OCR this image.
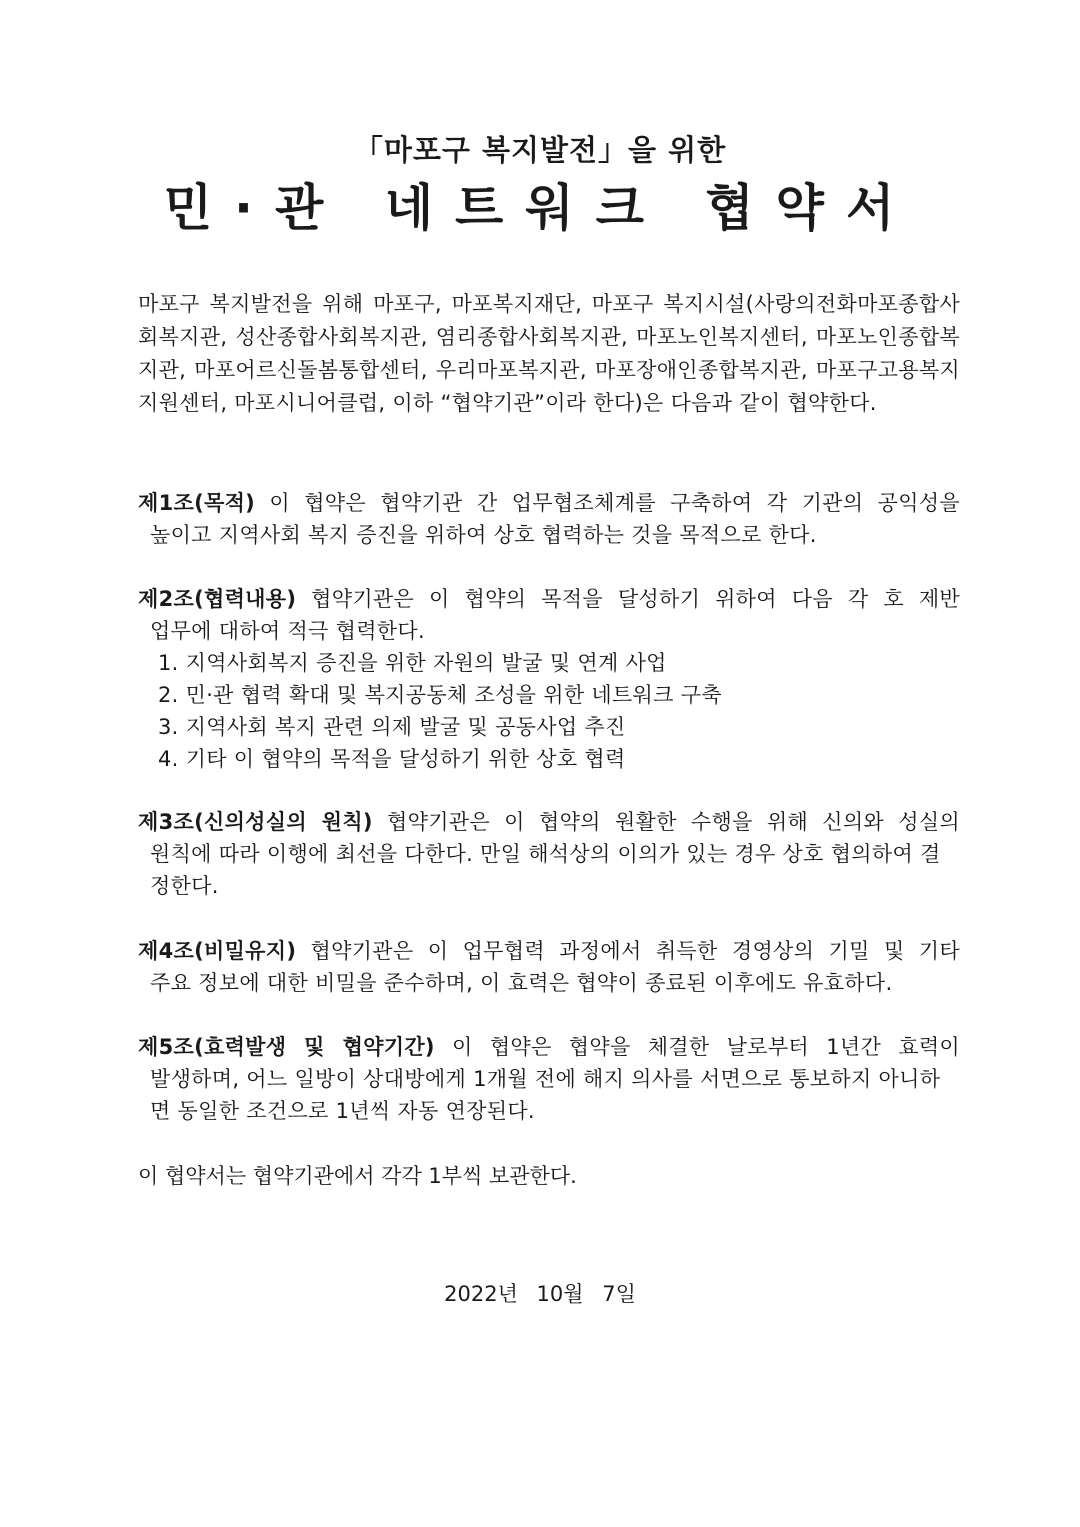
「마포구 복지발전」을 위한
민·관 네트워크 협약서
마포구 복지발전을 위해 마포구, 마포복지재단, 마포구 복지시설(사랑의전화마포종합사회복지관, 성산종합사회복지관, 염리종합사회복지관, 마포노인복지센터, 마포노인종합복지관, 마포어르신돌봄통합센터, 우리마포복지관, 마포장애인종합복지관, 마포구고용복지지원센터, 마포시니어클럽, 이하 “협약기관”이라 한다)은 다음과 같이 협약한다.
제1조(목적) 이 협약은 협약기관 간 업무협조체계를 구축하여 각 기관의 공익성을
높이고 지역사회 복지 증진을 위하여 상호 협력하는 것을 목적으로 한다.
제2조(협력내용) 협약기관은 이 협약의 목적을 달성하기 위하여 다음 각 호 제반
업무에 대하여 적극 협력한다.
1. 지역사회복지 증진을 위한 자원의 발굴 및 연계 사업
2. 민·관 협력 확대 및 복지공동체 조성을 위한 네트워크 구축
3. 지역사회 복지 관련 의제 발굴 및 공동사업 추진
4. 기타 이 협약의 목적을 달성하기 위한 상호 협력
제3조(신의성실의 원칙) 협약기관은 이 협약의 원활한 수행을 위해 신의와 성실의
원칙에 따라 이행에 최선을 다한다. 만일 해석상의 이의가 있는 경우 상호 협의하여 결정한다.
제4조(비밀유지) 협약기관은 이 업무협력 과정에서 취득한 경영상의 기밀 및 기타
주요 정보에 대한 비밀을 준수하며, 이 효력은 협약이 종료된 이후에도 유효하다.
제5조(효력발생 및 협약기간) 이 협약은 협약을 체결한 날로부터 1년간 효력이
발생하며, 어느 일방이 상대방에게 1개월 전에 해지 의사를 서면으로 통보하지 아니하면 동일한 조건으로 1년씩 자동 연장된다.
이 협약서는 협약기관에서 각각 1부씩 보관한다.
2022년 10월 7일
